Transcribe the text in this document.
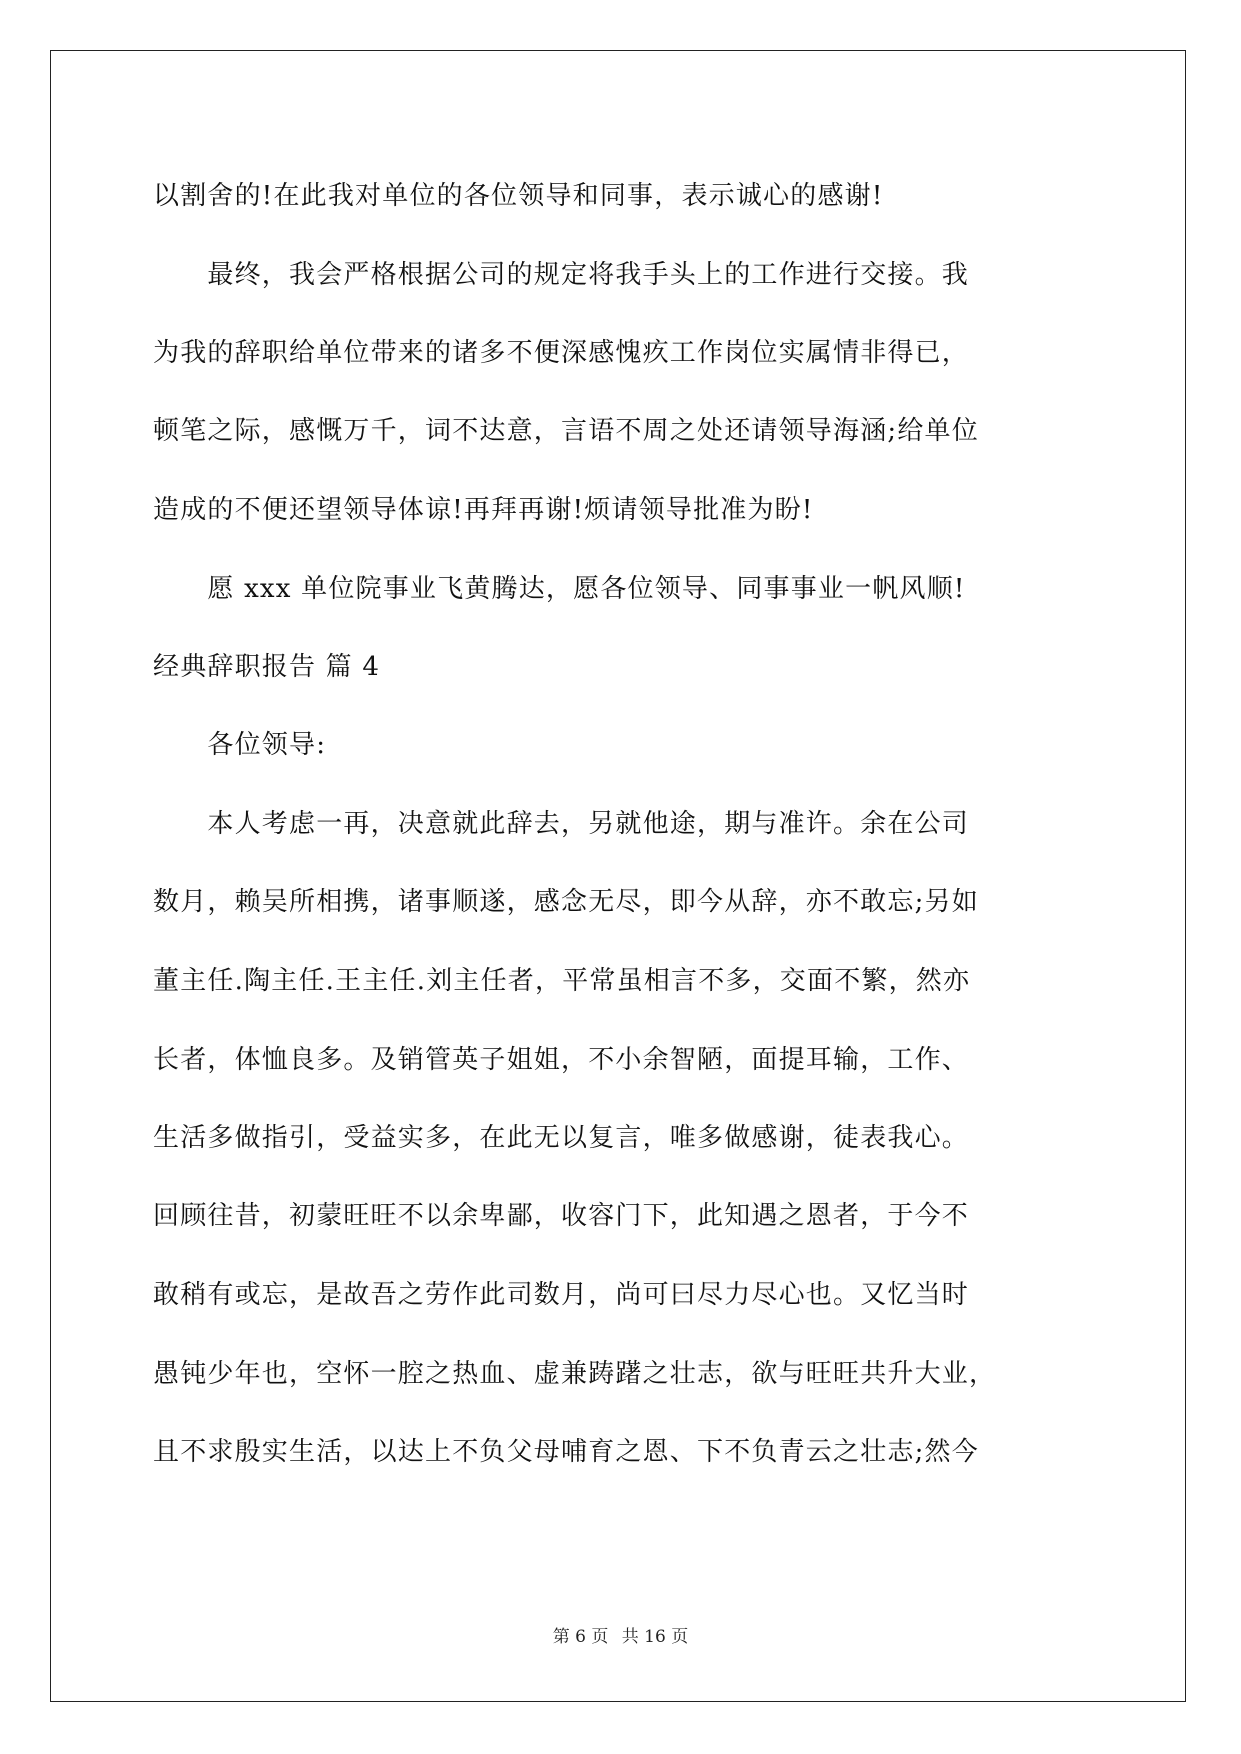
以割舍的!在此我对单位的各位领导和同事，表示诚心的感谢!
　　最终，我会严格根据公司的规定将我手头上的工作进行交接。我
为我的辞职给单位带来的诸多不便深感愧疚工作岗位实属情非得已，
顿笔之际，感慨万千，词不达意，言语不周之处还请领导海涵;给单位
造成的不便还望领导体谅!再拜再谢!烦请领导批准为盼!
　　愿 xxx 单位院事业飞黄腾达，愿各位领导、同事事业一帆风顺!
经典辞职报告 篇 4
　　各位领导:
　　本人考虑一再，决意就此辞去，另就他途，期与准许。余在公司
数月，赖吴所相携，诸事顺遂，感念无尽，即今从辞，亦不敢忘;另如
董主任.陶主任.王主任.刘主任者，平常虽相言不多，交面不繁，然亦
长者，体恤良多。及销管英子姐姐，不小余智陋，面提耳输，工作、
生活多做指引，受益实多，在此无以复言，唯多做感谢，徒表我心。
回顾往昔，初蒙旺旺不以余卑鄙，收容门下，此知遇之恩者，于今不
敢稍有或忘，是故吾之劳作此司数月，尚可曰尽力尽心也。又忆当时
愚钝少年也，空怀一腔之热血、虚兼踌躇之壮志，欲与旺旺共升大业，
且不求殷实生活，以达上不负父母哺育之恩、下不负青云之壮志;然今
第 6 页 共 16 页
